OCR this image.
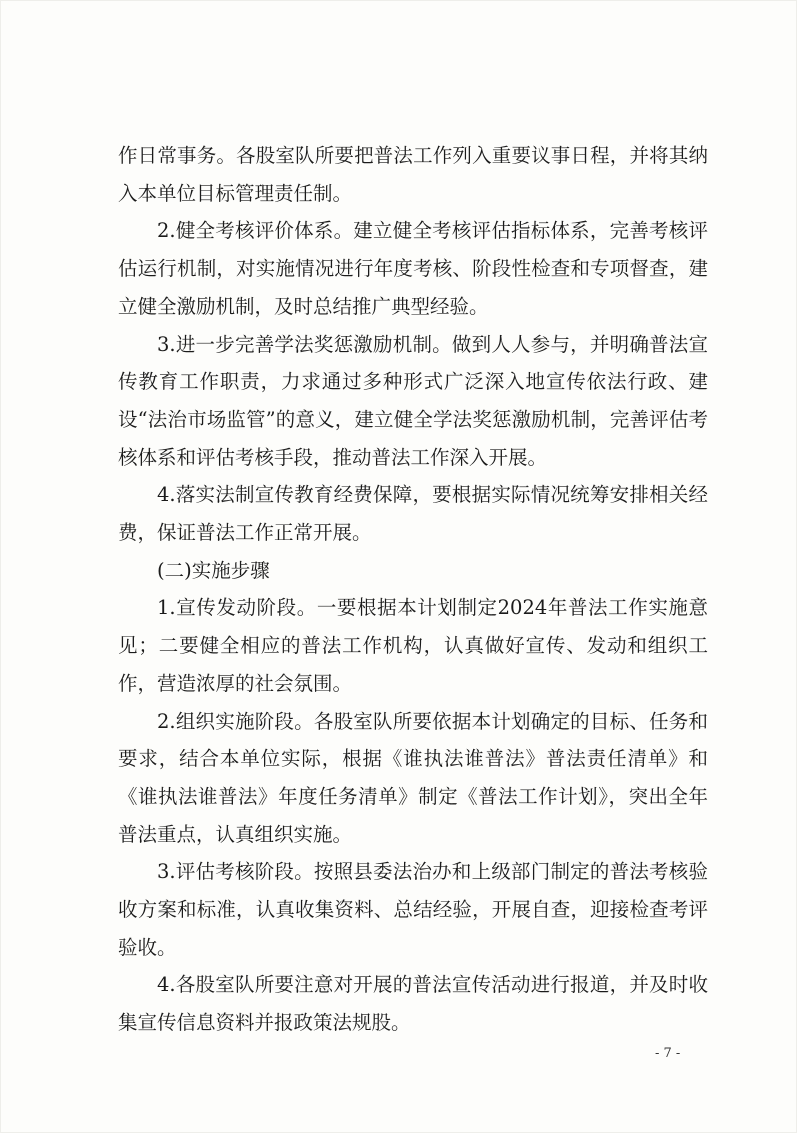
作日常事务。各股室队所要把普法工作列入重要议事日程，并将其纳入本单位目标管理责任制。

2.健全考核评价体系。建立健全考核评估指标体系，完善考核评估运行机制，对实施情况进行年度考核、阶段性检查和专项督查，建立健全激励机制，及时总结推广典型经验。

3.进一步完善学法奖惩激励机制。做到人人参与，并明确普法宣传教育工作职责，力求通过多种形式广泛深入地宣传依法行政、建设“法治市场监管”的意义，建立健全学法奖惩激励机制，完善评估考核体系和评估考核手段，推动普法工作深入开展。

4.落实法制宣传教育经费保障，要根据实际情况统筹安排相关经费，保证普法工作正常开展。

(二)实施步骤

1.宣传发动阶段。一要根据本计划制定2024年普法工作实施意见；二要健全相应的普法工作机构，认真做好宣传、发动和组织工作，营造浓厚的社会氛围。

2.组织实施阶段。各股室队所要依据本计划确定的目标、任务和要求，结合本单位实际，根据《谁执法谁普法》普法责任清单》和《谁执法谁普法》年度任务清单》制定《普法工作计划》，突出全年普法重点，认真组织实施。

3.评估考核阶段。按照县委法治办和上级部门制定的普法考核验收方案和标准，认真收集资料、总结经验，开展自查，迎接检查考评验收。

4.各股室队所要注意对开展的普法宣传活动进行报道，并及时收集宣传信息资料并报政策法规股。

- 7 -
